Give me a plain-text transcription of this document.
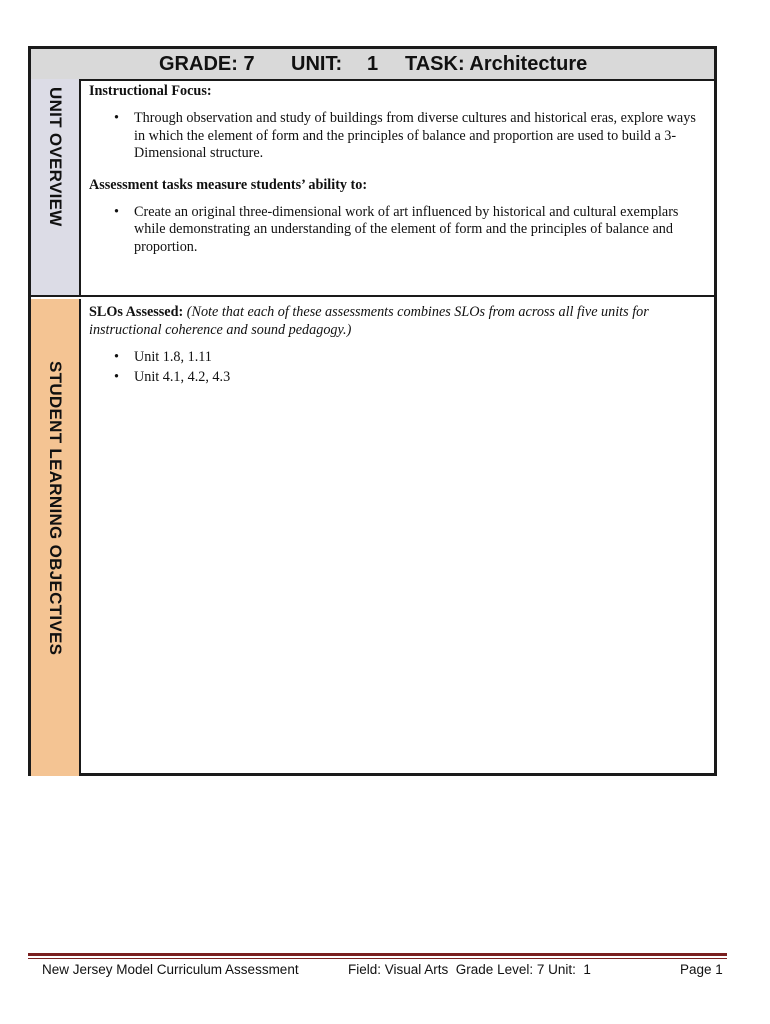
GRADE: 7 UNIT: 1 TASK: Architecture
UNIT OVERVIEW Instructional Focus:

• Through observation and study of buildings from diverse cultures and historical eras, explore ways in which the element of form and the principles of balance and proportion are used to build a 3-Dimensional structure.

Assessment tasks measure students’ ability to:

• Create an original three-dimensional work of art influenced by historical and cultural exemplars while demonstrating an understanding of the element of form and the principles of balance and proportion.
STUDENT LEARNING OBJECTIVES

SLOs Assessed: (Note that each of these assessments combines SLOs from across all five units for instructional coherence and sound pedagogy.)

• Unit 1.8, 1.11
• Unit 4.1, 4.2, 4.3
New Jersey Model Curriculum Assessment	Field: Visual Arts  Grade Level: 7 Unit:  1	Page 1
